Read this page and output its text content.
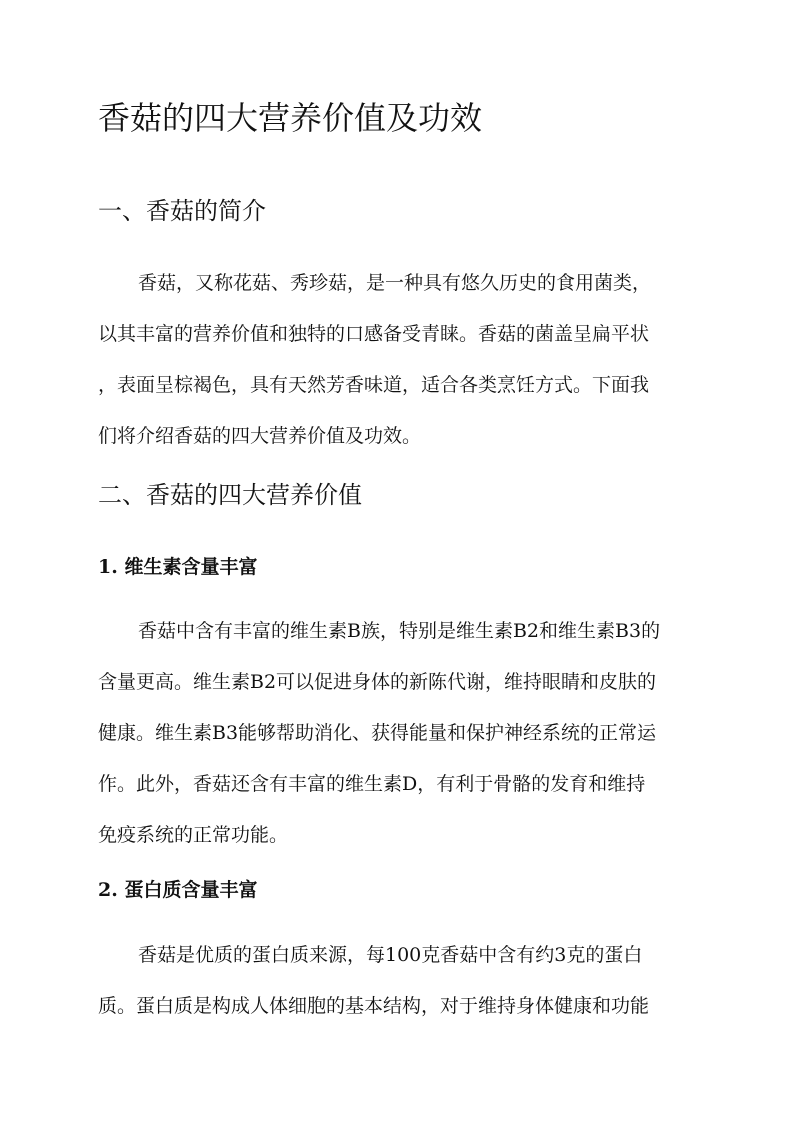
香菇的四大营养价值及功效
一、香菇的简介
香菇，又称花菇、秀珍菇，是一种具有悠久历史的食用菌类，
以其丰富的营养价值和独特的口感备受青睐。香菇的菌盖呈扁平状
，表面呈棕褐色，具有天然芳香味道，适合各类烹饪方式。下面我
们将介绍香菇的四大营养价值及功效。
二、香菇的四大营养价值
1. 维生素含量丰富
香菇中含有丰富的维生素B族，特别是维生素B2和维生素B3的
含量更高。维生素B2可以促进身体的新陈代谢，维持眼睛和皮肤的
健康。维生素B3能够帮助消化、获得能量和保护神经系统的正常运
作。此外，香菇还含有丰富的维生素D，有利于骨骼的发育和维持
免疫系统的正常功能。
2. 蛋白质含量丰富
香菇是优质的蛋白质来源，每100克香菇中含有约3克的蛋白
质。蛋白质是构成人体细胞的基本结构，对于维持身体健康和功能
